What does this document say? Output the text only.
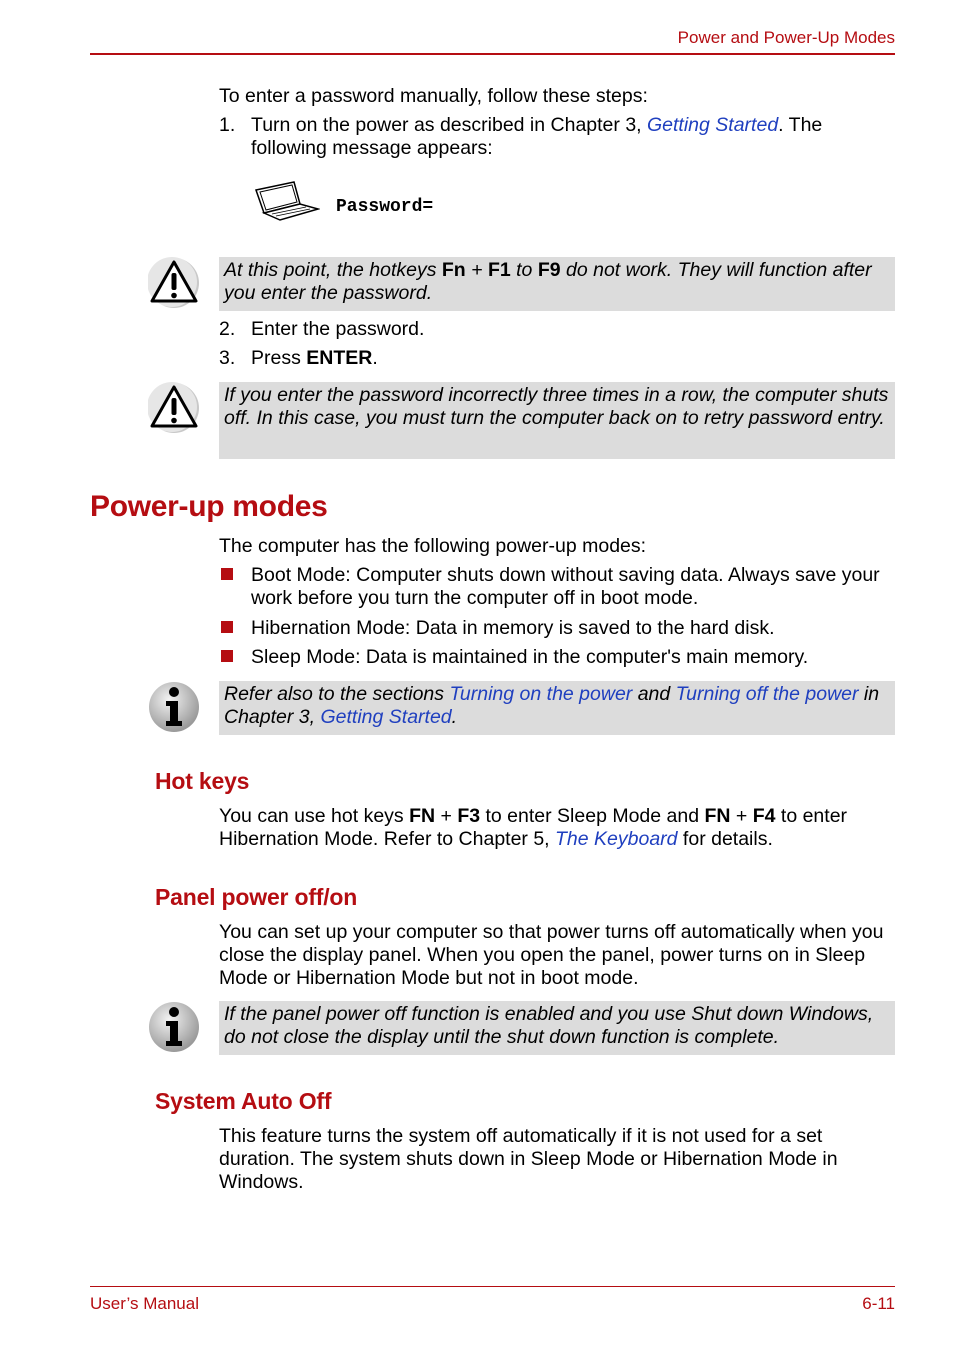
Power and Power-Up Modes
To enter a password manually, follow these steps:
1. Turn on the power as described in Chapter 3, Getting Started. The following message appears:
Password=
At this point, the hotkeys Fn + F1 to F9 do not work. They will function after you enter the password.
2. Enter the password.
3. Press ENTER.
If you enter the password incorrectly three times in a row, the computer shuts off. In this case, you must turn the computer back on to retry password entry.
Power-up modes
The computer has the following power-up modes:
Boot Mode: Computer shuts down without saving data. Always save your work before you turn the computer off in boot mode.
Hibernation Mode: Data in memory is saved to the hard disk.
Sleep Mode: Data is maintained in the computer's main memory.
Refer also to the sections Turning on the power and Turning off the power in Chapter 3, Getting Started.
Hot keys
You can use hot keys FN + F3 to enter Sleep Mode and FN + F4 to enter Hibernation Mode. Refer to Chapter 5, The Keyboard for details.
Panel power off/on
You can set up your computer so that power turns off automatically when you close the display panel. When you open the panel, power turns on in Sleep Mode or Hibernation Mode but not in boot mode.
If the panel power off function is enabled and you use Shut down Windows, do not close the display until the shut down function is complete.
System Auto Off
This feature turns the system off automatically if it is not used for a set duration. The system shuts down in Sleep Mode or Hibernation Mode in Windows.
User’s Manual	6-11
